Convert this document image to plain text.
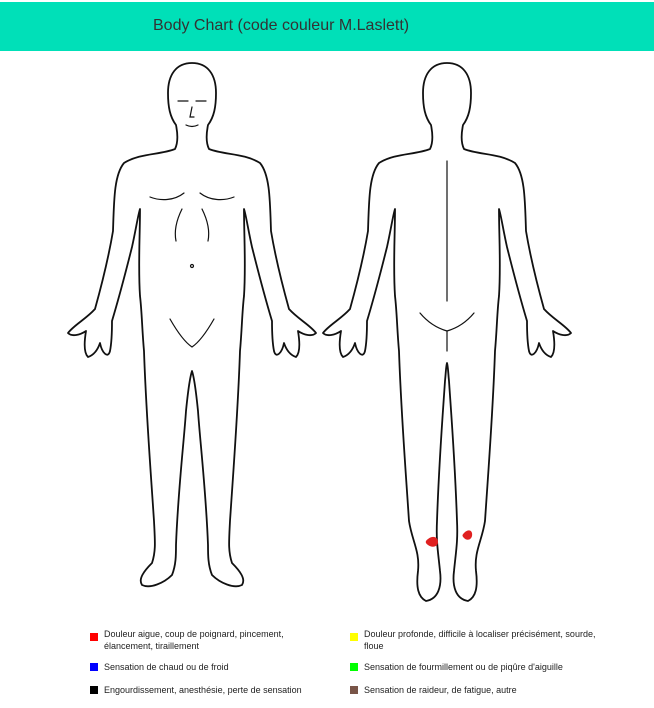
Body Chart (code couleur M.Laslett)
Douleur aigue, coup de poignard, pincement, élancement, tiraillement
Douleur profonde, difficile à localiser précisément, sourde, floue
Sensation de chaud ou de froid	Sensation de fourmillement ou de piqûre d'aiguille
Engourdissement, anesthésie, perte de sensation	Sensation de raideur, de fatigue, autre
